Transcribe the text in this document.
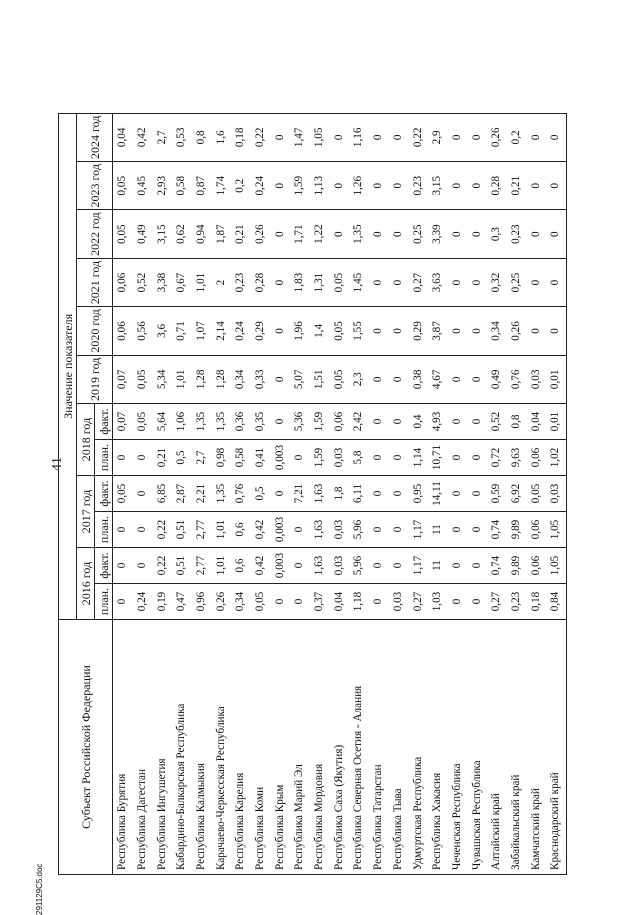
41
291129C5.doc
Субъект Российской Федерации	Значение показателя											
	2016 год		2017 год		2018 год		2019 год	2020 год	2021 год	2022 год	2023 год	2024 год
	план.	факт.	план.	факт.	план.	факт.						
Республика Бурятия	0	0	0	0,05	0	0,07	0,07	0,06	0,06	0,05	0,05	0,04
Республика Дагестан	0,24	0	0	0	0	0,05	0,05	0,56	0,52	0,49	0,45	0,42
Республика Ингушетия	0,19	0,22	0,22	6,85	0,21	5,64	5,34	3,6	3,38	3,15	2,93	2,7
Кабардино-Балкарская Республика	0,47	0,51	0,51	2,87	0,5	1,06	1,01	0,71	0,67	0,62	0,58	0,53
Республика Калмыкия	0,96	2,77	2,77	2,21	2,7	1,35	1,28	1,07	1,01	0,94	0,87	0,8
Карачаево-Черкесская Республика	0,26	1,01	1,01	1,35	0,98	1,35	1,28	2,14	2	1,87	1,74	1,6
Республика Карелия	0,34	0,6	0,6	0,76	0,58	0,36	0,34	0,24	0,23	0,21	0,2	0,18
Республика Коми	0,05	0,42	0,42	0,5	0,41	0,35	0,33	0,29	0,28	0,26	0,24	0,22
Республика Крым	0	0,003	0,003	0	0,003	0	0	0	0	0	0	0
Республика Марий Эл	0	0	0	7,21	0	5,36	5,07	1,96	1,83	1,71	1,59	1,47
Республика Мордовия	0,37	1,63	1,63	1,63	1,59	1,59	1,51	1,4	1,31	1,22	1,13	1,05
Республика Саха (Якутия)	0,04	0,03	0,03	1,8	0,03	0,06	0,05	0,05	0,05	0	0	0
Республика Северная Осетия - Алания	1,18	5,96	5,96	6,11	5,8	2,42	2,3	1,55	1,45	1,35	1,26	1,16
Республика Татарстан	0	0	0	0	0	0	0	0	0	0	0	0
Республика Тыва	0,03	0	0	0	0	0	0	0	0	0	0	0
Удмуртская Республика	0,27	1,17	1,17	0,95	1,14	0,4	0,38	0,29	0,27	0,25	0,23	0,22
Республика Хакасия	1,03	11	11	14,11	10,71	4,93	4,67	3,87	3,63	3,39	3,15	2,9
Чеченская Республика	0	0	0	0	0	0	0	0	0	0	0	0
Чувашская Республика	0	0	0	0	0	0	0	0	0	0	0	0
Алтайский край	0,27	0,74	0,74	0,59	0,72	0,52	0,49	0,34	0,32	0,3	0,28	0,26
Забайкальский край	0,23	9,89	9,89	6,92	9,63	0,8	0,76	0,26	0,25	0,23	0,21	0,2
Камчатский край	0,18	0,06	0,06	0,05	0,06	0,04	0,03	0	0	0	0	0
Краснодарский край	0,84	1,05	1,05	0,03	1,02	0,01	0,01	0	0	0	0	0
